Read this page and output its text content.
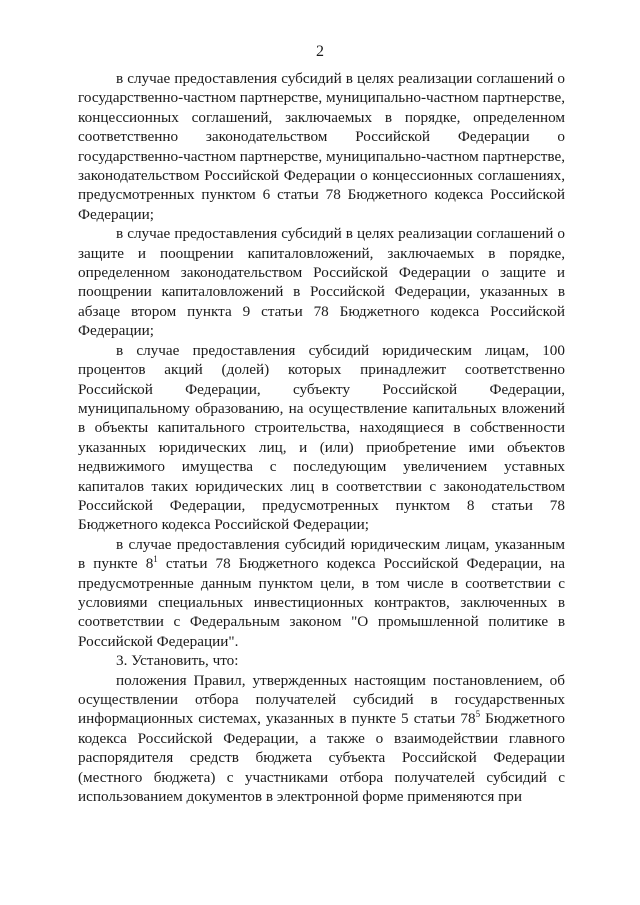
2

в случае предоставления субсидий в целях реализации соглашений о государственно-частном партнерстве, муниципально-частном партнерстве, концессионных соглашений, заключаемых в порядке, определенном соответственно законодательством Российской Федерации о государственно-частном партнерстве, муниципально-частном партнерстве, законодательством Российской Федерации о концессионных соглашениях, предусмотренных пунктом 6 статьи 78 Бюджетного кодекса Российской Федерации;

в случае предоставления субсидий в целях реализации соглашений о защите и поощрении капиталовложений, заключаемых в порядке, определенном законодательством Российской Федерации о защите и поощрении капиталовложений в Российской Федерации, указанных в абзаце втором пункта 9 статьи 78 Бюджетного кодекса Российской Федерации;

в случае предоставления субсидий юридическим лицам, 100 процентов акций (долей) которых принадлежит соответственно Российской Федерации, субъекту Российской Федерации, муниципальному образованию, на осуществление капитальных вложений в объекты капитального строительства, находящиеся в собственности указанных юридических лиц, и (или) приобретение ими объектов недвижимого имущества с последующим увеличением уставных капиталов таких юридических лиц в соответствии с законодательством Российской Федерации, предусмотренных пунктом 8 статьи 78 Бюджетного кодекса Российской Федерации;

в случае предоставления субсидий юридическим лицам, указанным в пункте $8^1$ статьи 78 Бюджетного кодекса Российской Федерации, на предусмотренные данным пунктом цели, в том числе в соответствии с условиями специальных инвестиционных контрактов, заключенных в соответствии с Федеральным законом "О промышленной политике в Российской Федерации".

3. Установить, что:

положения Правил, утвержденных настоящим постановлением, об осуществлении отбора получателей субсидий в государственных информационных системах, указанных в пункте 5 статьи $78^5$ Бюджетного кодекса Российской Федерации, а также о взаимодействии главного распорядителя средств бюджета субъекта Российской Федерации (местного бюджета) с участниками отбора получателей субсидий с использованием документов в электронной форме применяются при
